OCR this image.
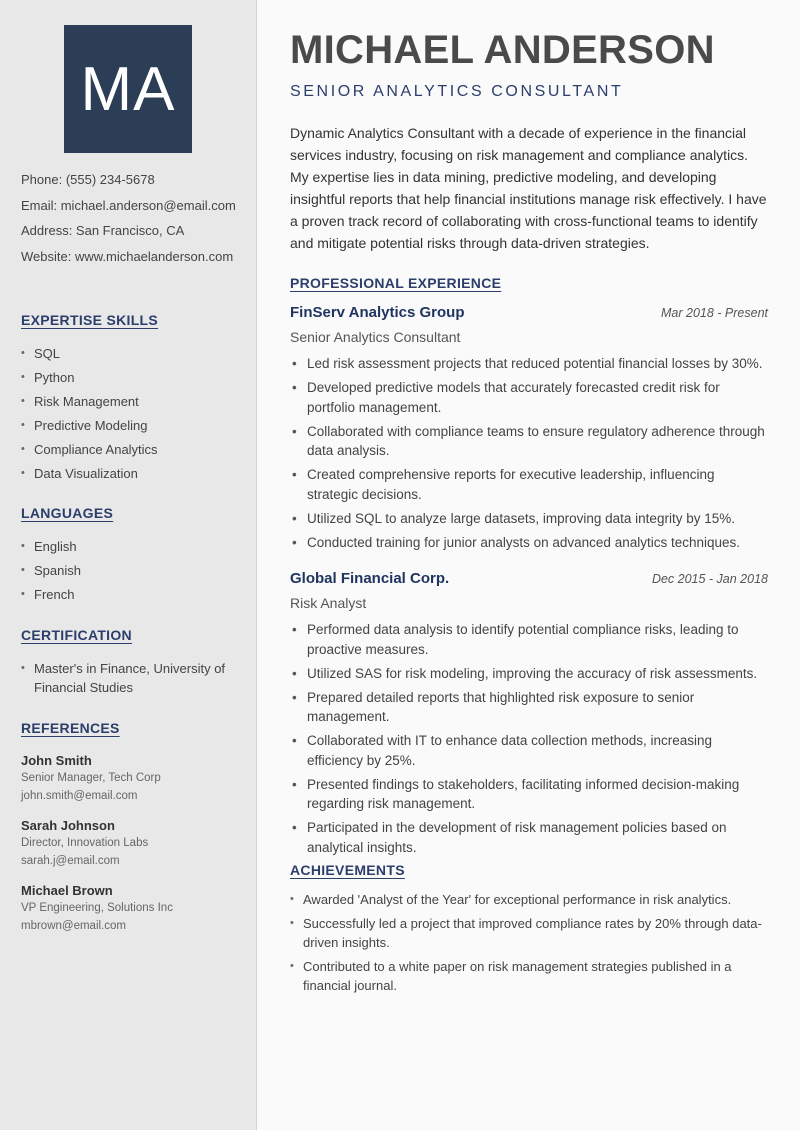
MA
Phone: (555) 234-5678
Email: michael.anderson@email.com
Address: San Francisco, CA
Website: www.michaelanderson.com
EXPERTISE SKILLS
• SQL
• Python
• Risk Management
• Predictive Modeling
• Compliance Analytics
• Data Visualization
LANGUAGES
• English
• Spanish
• French
CERTIFICATION
• Master's in Finance, University of Financial Studies
REFERENCES
John Smith
Senior Manager, Tech Corp
john.smith@email.com
Sarah Johnson
Director, Innovation Labs
sarah.j@email.com
Michael Brown
VP Engineering, Solutions Inc
mbrown@email.com
MICHAEL ANDERSON
SENIOR ANALYTICS CONSULTANT

Dynamic Analytics Consultant with a decade of experience in the financial services industry, focusing on risk management and compliance analytics. My expertise lies in data mining, predictive modeling, and developing insightful reports that help financial institutions manage risk effectively. I have a proven track record of collaborating with cross-functional teams to identify and mitigate potential risks through data-driven strategies.

PROFESSIONAL EXPERIENCE
FinServ Analytics Group	Mar 2018 - Present
Senior Analytics Consultant
• Led risk assessment projects that reduced potential financial losses by 30%.
• Developed predictive models that accurately forecasted credit risk for portfolio management.
• Collaborated with compliance teams to ensure regulatory adherence through data analysis.
• Created comprehensive reports for executive leadership, influencing strategic decisions.
• Utilized SQL to analyze large datasets, improving data integrity by 15%.
• Conducted training for junior analysts on advanced analytics techniques.
Global Financial Corp.	Dec 2015 - Jan 2018
Risk Analyst
• Performed data analysis to identify potential compliance risks, leading to proactive measures.
• Utilized SAS for risk modeling, improving the accuracy of risk assessments.
• Prepared detailed reports that highlighted risk exposure to senior management.
• Collaborated with IT to enhance data collection methods, increasing efficiency by 25%.
• Presented findings to stakeholders, facilitating informed decision-making regarding risk management.
• Participated in the development of risk management policies based on analytical insights.
ACHIEVEMENTS
• Awarded 'Analyst of the Year' for exceptional performance in risk analytics.
• Successfully led a project that improved compliance rates by 20% through data-driven insights.
• Contributed to a white paper on risk management strategies published in a financial journal.
